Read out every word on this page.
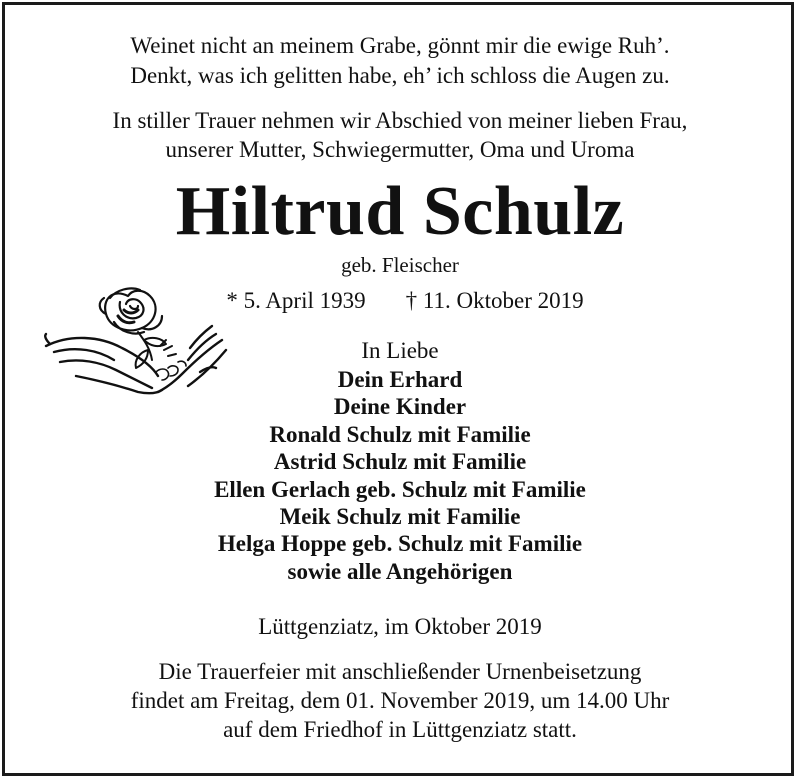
Weinet nicht an meinem Grabe, gönnt mir die ewige Ruh’.
Denkt, was ich gelitten habe, eh’ ich schloss die Augen zu.
In stiller Trauer nehmen wir Abschied von meiner lieben Frau,
unserer Mutter, Schwiegermutter, Oma und Uroma
Hiltrud Schulz
geb. Fleischer
* 5. April 1939 † 11. Oktober 2019
In Liebe
Dein Erhard
Deine Kinder
Ronald Schulz mit Familie
Astrid Schulz mit Familie
Ellen Gerlach geb. Schulz mit Familie
Meik Schulz mit Familie
Helga Hoppe geb. Schulz mit Familie
sowie alle Angehörigen
Lüttgenziatz, im Oktober 2019
Die Trauerfeier mit anschließender Urnenbeisetzung
findet am Freitag, dem 01. November 2019, um 14.00 Uhr
auf dem Friedhof in Lüttgenziatz statt.
